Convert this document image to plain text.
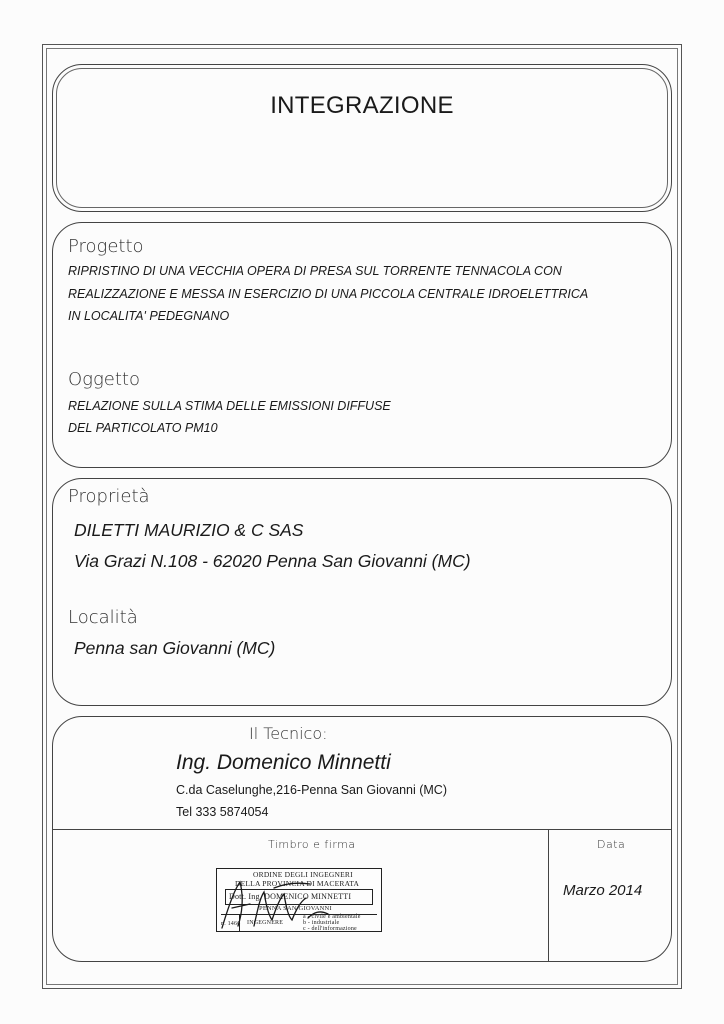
INTEGRAZIONE
Progetto
RIPRISTINO DI UNA VECCHIA OPERA DI PRESA SUL TORRENTE TENNACOLA CON
REALIZZAZIONE E MESSA IN ESERCIZIO DI UNA PICCOLA CENTRALE IDROELETTRICA
IN LOCALITA' PEDEGNANO
Oggetto
RELAZIONE SULLA STIMA DELLE EMISSIONI DIFFUSE
DEL PARTICOLATO PM10
Proprietà
DILETTI MAURIZIO & C SAS
Via Grazi N.108 - 62020 Penna San Giovanni (MC)
Località
Penna san Giovanni (MC)
Il Tecnico:
Ing. Domenico Minnetti
C.da Caselunghe,216-Penna San Giovanni (MC)
Tel 333 5874054
Timbro e firma	Data
Marzo 2014
ORDINE DEGLI INGEGNERI
DELLA PROVINCIA DI MACERATA
Dott. Ing. DOMENICO MINNETTI
PENNA SAN GIOVANNI
n. 1466 INGEGNERE
a - civile e ambientale
b - industriale
c - dell'informazione
